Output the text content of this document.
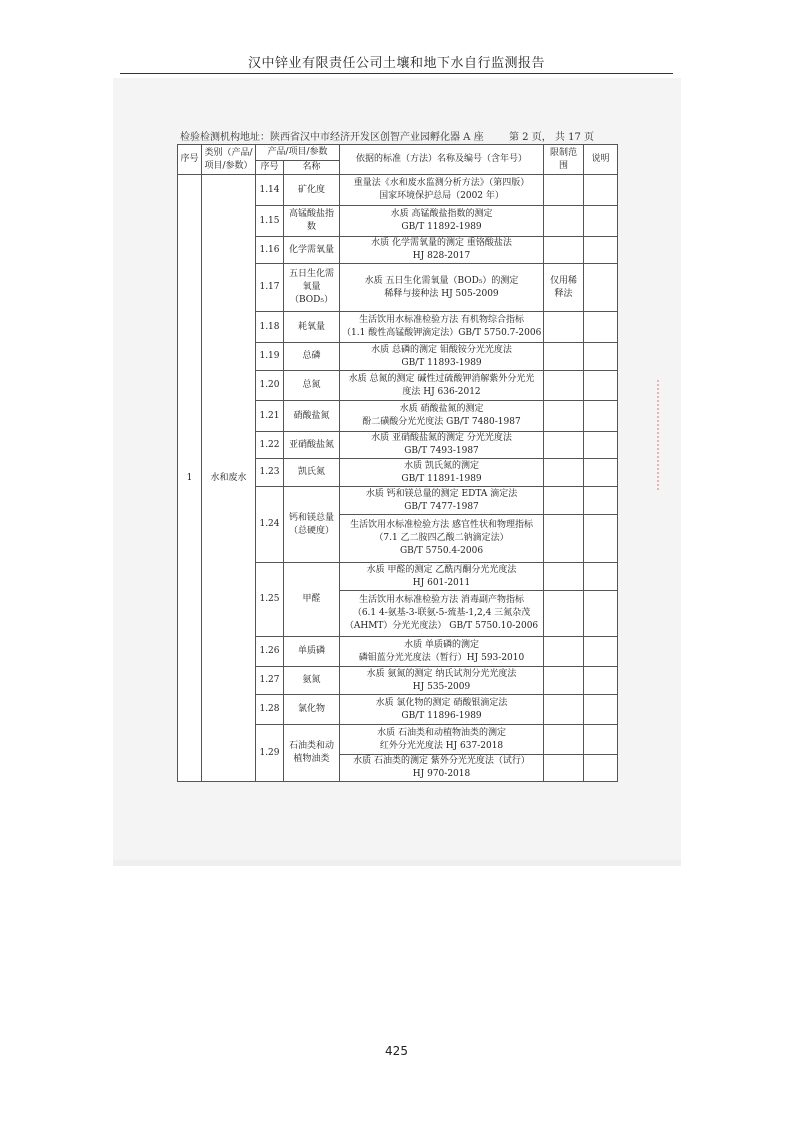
汉中锌业有限责任公司土壤和地下水自行监测报告
检验检测机构地址：陕西省汉中市经济开发区创智产业园孵化器 A 座	第 2 页， 共 17 页
序号	类别（产品/项目/参数）	产品/项目/参数		依据的标准（方法）名称及编号（含年号）	限制范围	说明
		序号	名称			
1	水和废水	1.14	矿化度	重量法《水和废水监测分析方法》（第四版）
国家环境保护总局（2002 年）		

		1.15	高锰酸盐指数	水质 高锰酸盐指数的测定
GB/T 11892-1989		

		1.16	化学需氧量	水质 化学需氧量的测定 重铬酸盐法
HJ 828-2017		

		1.17	五日生化需氧量（BOD₅）	水质 五日生化需氧量（BOD₅）的测定
稀释与接种法 HJ 505-2009	仅用稀释法	
		1.18	耗氧量	生活饮用水标准检验方法 有机物综合指标
（1.1 酸性高锰酸钾滴定法）GB/T 5750.7-2006		

		1.19	总磷	水质 总磷的测定 钼酸铵分光光度法
GB/T 11893-1989		

		1.20	总氮	水质 总氮的测定 碱性过硫酸钾消解紫外分光光
度法 HJ 636-2012		

		1.21	硝酸盐氮	水质 硝酸盐氮的测定
酚二磺酸分光光度法 GB/T 7480-1987		

		1.22	亚硝酸盐氮	水质 亚硝酸盐氮的测定 分光光度法
GB/T 7493-1987		

		1.23	凯氏氮	水质 凯氏氮的测定
GB/T 11891-1989		

		1.24	钙和镁总量（总硬度）	水质 钙和镁总量的测定 EDTA 滴定法
GB/T 7477-1987		

				生活饮用水标准检验方法 感官性状和物理指标
（7.1 乙二胺四乙酸二钠滴定法）
GB/T 5750.4-2006		

		1.25	甲醛	水质 甲醛的测定 乙酰丙酮分光光度法
HJ 601-2011		

				生活饮用水标准检验方法 消毒副产物指标
（6.1 4-氨基-3-联氨-5-巯基-1,2,4 三氮杂茂
（AHMT）分光光度法） GB/T 5750.10-2006		

		1.26	单质磷	水质 单质磷的测定
磷钼蓝分光光度法（暂行）HJ 593-2010		

		1.27	氨氮	水质 氨氮的测定 纳氏试剂分光光度法
HJ 535-2009		

		1.28	氯化物	水质 氯化物的测定 硝酸银滴定法
GB/T 11896-1989		

		1.29	石油类和动植物油类	水质 石油类和动植物油类的测定
红外分光光度法 HJ 637-2018		

				水质 石油类的测定 紫外分光光度法（试行）
HJ 970-2018		

425
